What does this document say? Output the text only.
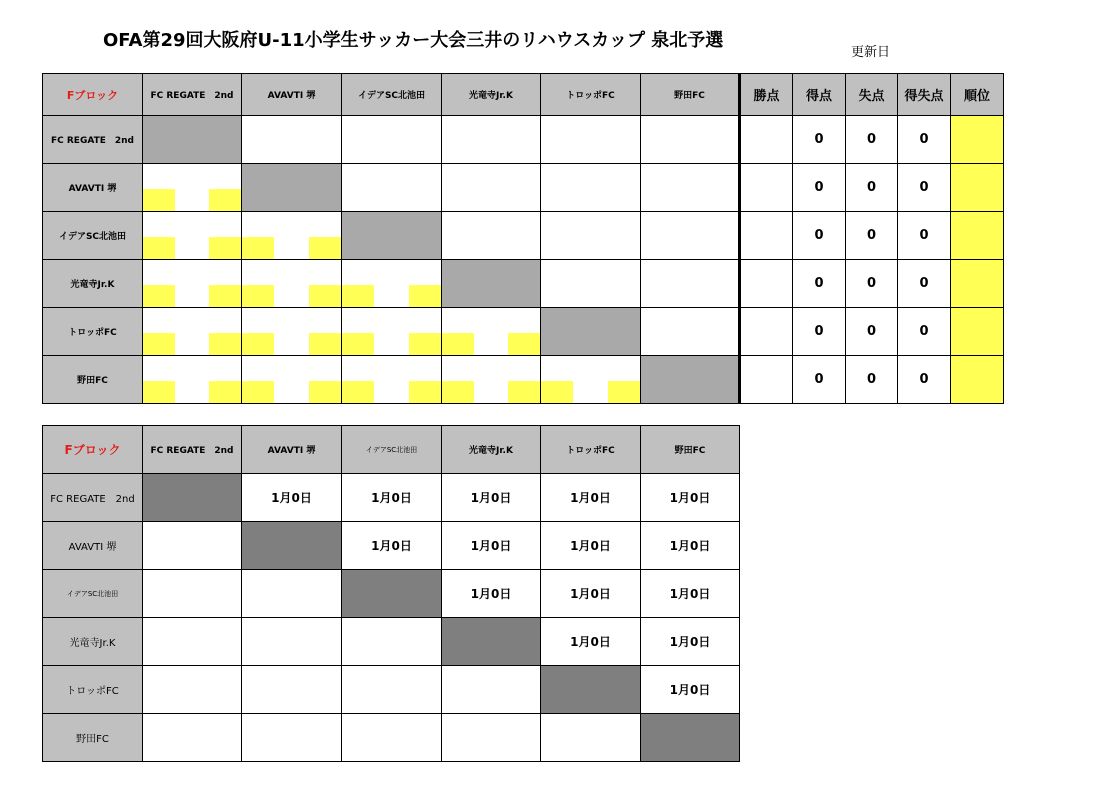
OFA第29回大阪府U-11小学生サッカー大会三井のリハウスカップ 泉北予選
更新日
Fブロック	FC REGATE　2nd	AVAVTI 堺	イデアSC北池田	光竜寺Jr.K	トロッポFC	野田FC	勝点	得点	失点	得失点	順位
FC REGATE　2nd								0	0	0	
AVAVTI 堺								0	0	0	
イデアSC北池田								0	0	0	
光竜寺Jr.K								0	0	0	
トロッポFC								0	0	0	
野田FC								0	0	0	
Fブロック	FC REGATE　2nd	AVAVTI 堺	イデアSC北池田	光竜寺Jr.K	トロッポFC	野田FC
FC REGATE　2nd		1月0日	1月0日	1月0日	1月0日	1月0日
AVAVTI 堺			1月0日	1月0日	1月0日	1月0日
イデアSC北池田				1月0日	1月0日	1月0日
光竜寺Jr.K					1月0日	1月0日
トロッポFC						1月0日
野田FC						
